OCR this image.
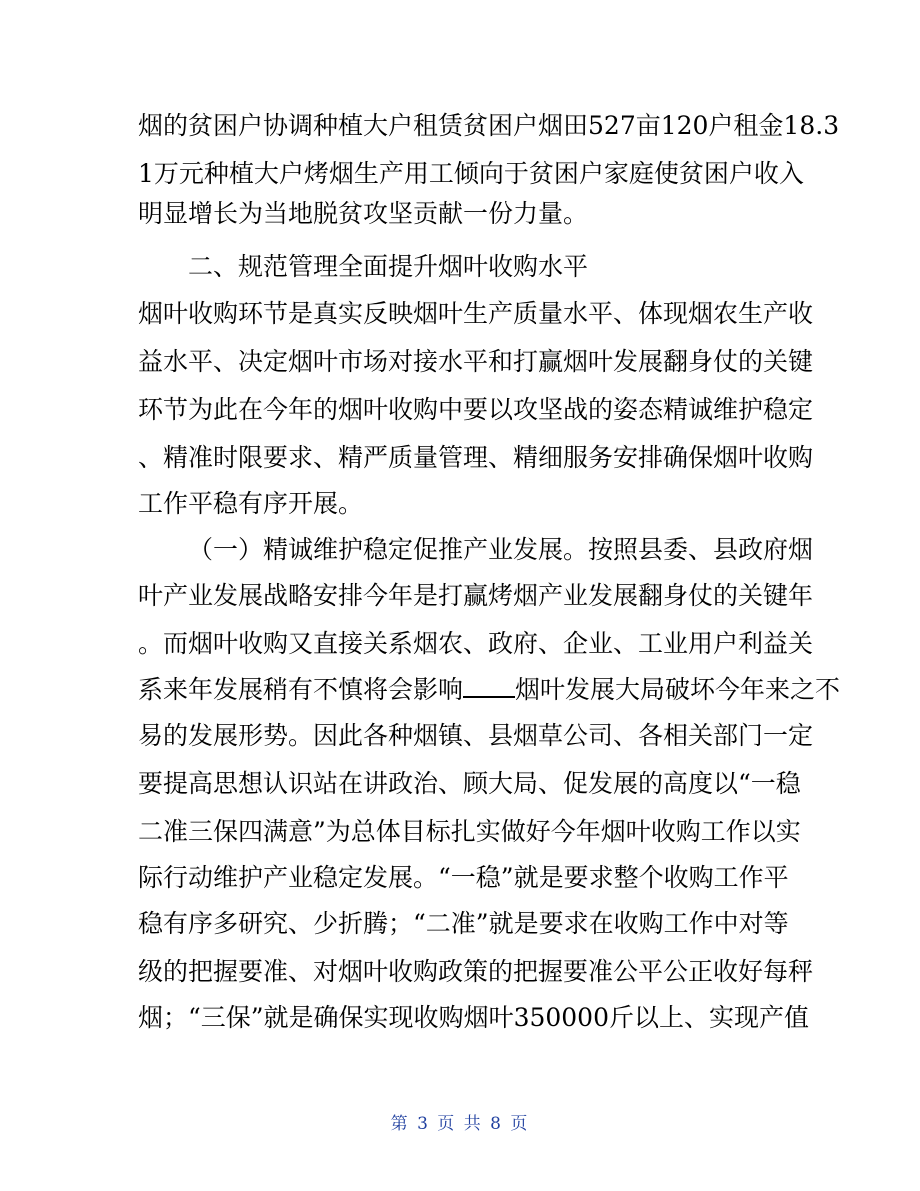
烟的贫困户协调种植大户租赁贫困户烟田527亩120户租金18.3
1万元种植大户烤烟生产用工倾向于贫困户家庭使贫困户收入
明显增长为当地脱贫攻坚贡献一份力量。
二、规范管理全面提升烟叶收购水平
烟叶收购环节是真实反映烟叶生产质量水平、体现烟农生产收
益水平、决定烟叶市场对接水平和打赢烟叶发展翻身仗的关键
环节为此在今年的烟叶收购中要以攻坚战的姿态精诚维护稳定
、精准时限要求、精严质量管理、精细服务安排确保烟叶收购
工作平稳有序开展。
（一）精诚维护稳定促推产业发展。按照县委、县政府烟
叶产业发展战略安排今年是打赢烤烟产业发展翻身仗的关键年
。而烟叶收购又直接关系烟农、政府、企业、工业用户利益关
系来年发展稍有不慎将会影响 烟叶发展大局破坏今年来之不
易的发展形势。因此各种烟镇、县烟草公司、各相关部门一定
要提高思想认识站在讲政治、顾大局、促发展的高度以“一稳
二准三保四满意”为总体目标扎实做好今年烟叶收购工作以实
际行动维护产业稳定发展。“一稳”就是要求整个收购工作平
稳有序多研究、少折腾；“二准”就是要求在收购工作中对等
级的把握要准、对烟叶收购政策的把握要准公平公正收好每秤
烟；“三保”就是确保实现收购烟叶350000斤以上、实现产值
第 3 页 共 8 页
